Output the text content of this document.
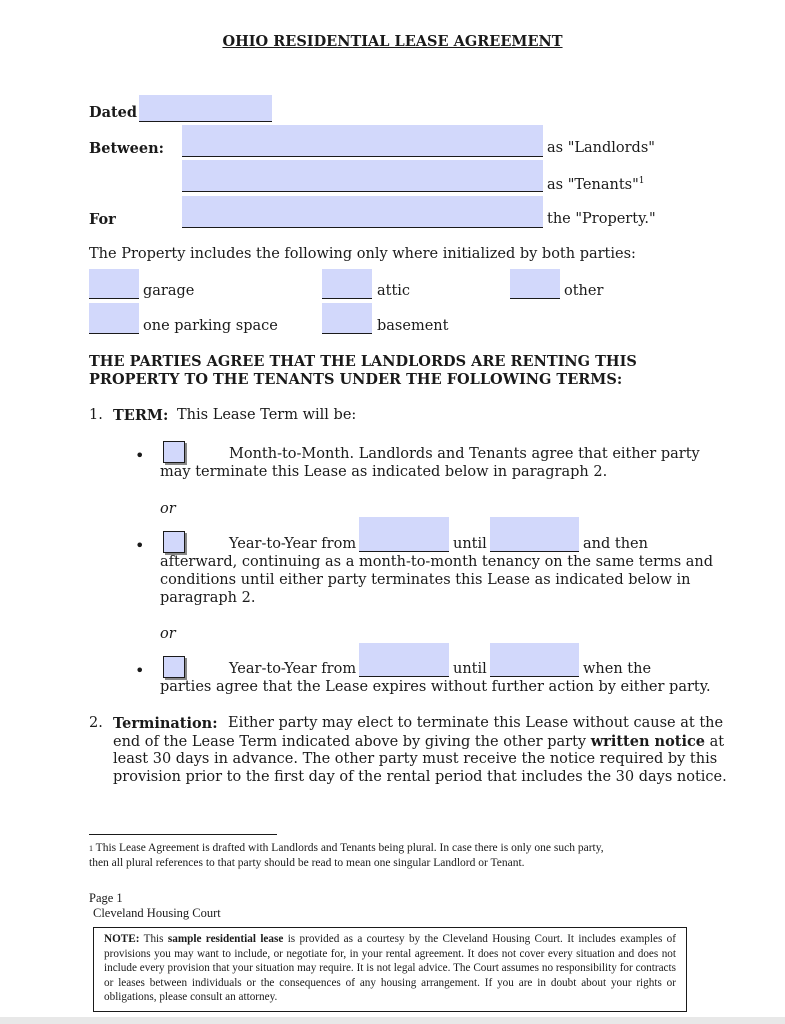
OHIO RESIDENTIAL LEASE AGREEMENT
Dated
Between:	as "Landlords"
as "Tenants"$^1$
For	the "Property."
The Property includes the following only where initialized by both parties:
garage	attic	other
one parking space	basement
THE PARTIES AGREE THAT THE LANDLORDS ARE RENTING THIS
PROPERTY TO THE TENANTS UNDER THE FOLLOWING TERMS:
1. TERM: This Lease Term will be:
•	Month-to-Month. Landlords and Tenants agree that either party
may terminate this Lease as indicated below in paragraph 2.
or
•	Year-to-Year from	until	and then
afterward, continuing as a month-to-month tenancy on the same terms and
conditions until either party terminates this Lease as indicated below in
paragraph 2.
or
•	Year-to-Year from	until	when the
parties agree that the Lease expires without further action by either party.
2. Termination: Either party may elect to terminate this Lease without cause at the
end of the Lease Term indicated above by giving the other party written notice at
least 30 days in advance. The other party must receive the notice required by this
provision prior to the first day of the rental period that includes the 30 days notice.
$^1$ This Lease Agreement is drafted with Landlords and Tenants being plural. In case there is only one such party,
then all plural references to that party should be read to mean one singular Landlord or Tenant.
Page 1
Cleveland Housing Court
NOTE: This sample residential lease is provided as a courtesy by the Cleveland Housing Court. It includes examples of provisions you may want to include, or negotiate for, in your rental agreement. It does not cover every situation and does not include every provision that your situation may require. It is not legal advice. The Court assumes no responsibility for contracts or leases between individuals or the consequences of any housing arrangement. If you are in doubt about your rights or obligations, please consult an attorney.
